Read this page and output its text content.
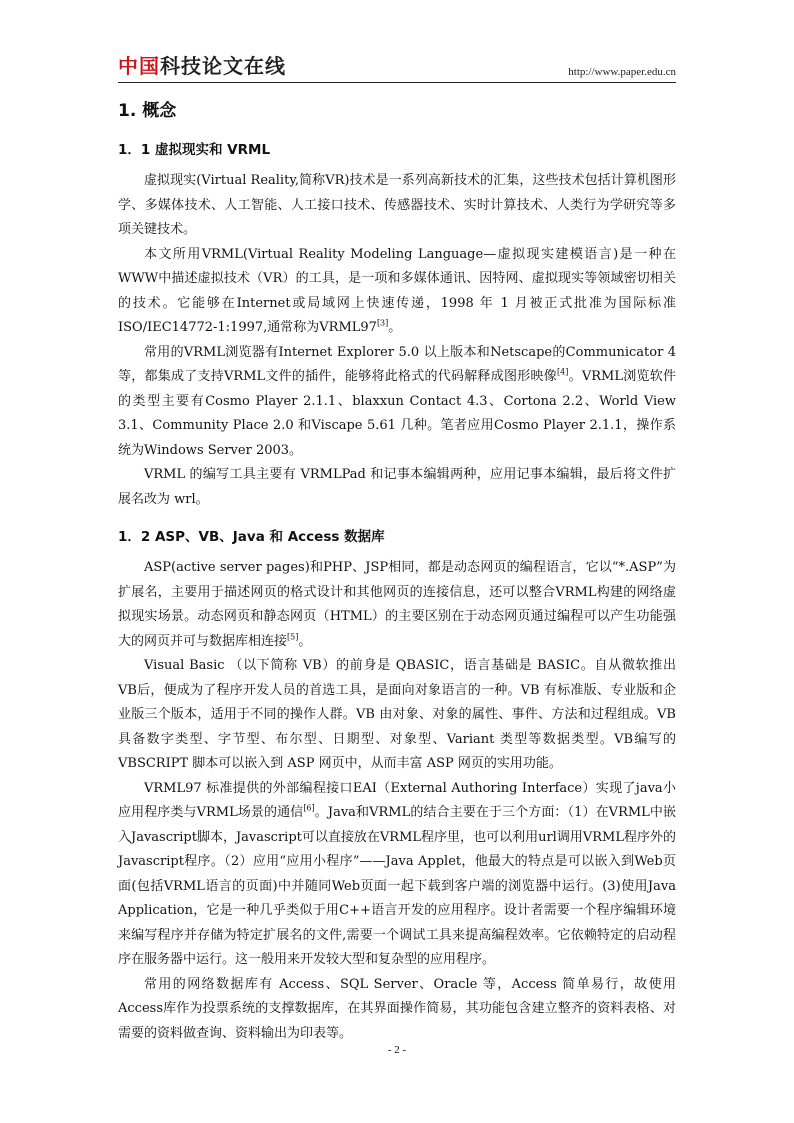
中国科技论文在线	http://www.paper.edu.cn
1. 概念
1．1 虚拟现实和 VRML

虚拟现实(Virtual Reality,简称VR)技术是一系列高新技术的汇集，这些技术包括计算机图形学、多媒体技术、人工智能、人工接口技术、传感器技术、实时计算技术、人类行为学研究等多项关键技术。

本文所用VRML(Virtual Reality Modeling Language—虚拟现实建模语言)是一种在WWW中描述虚拟技术（VR）的工具，是一项和多媒体通讯、因特网、虚拟现实等领域密切相关的技术。它能够在Internet或局域网上快速传递，1998 年 1 月被正式批准为国际标准ISO/IEC14772-1:1997,通常称为VRML97[3]。

常用的VRML浏览器有Internet Explorer 5.0 以上版本和Netscape的Communicator 4 等，都集成了支持VRML文件的插件，能够将此格式的代码解释成图形映像[4]。VRML浏览软件的类型主要有Cosmo Player 2.1.1、blaxxun Contact 4.3、Cortona 2.2、World View 3.1、Community Place 2.0 和Viscape 5.61 几种。笔者应用Cosmo Player 2.1.1，操作系统为Windows Server 2003。

VRML 的编写工具主要有 VRMLPad 和记事本编辑两种，应用记事本编辑，最后将文件扩展名改为 wrl。

1．2 ASP、VB、Java 和 Access 数据库

ASP(active server pages)和PHP、JSP相同，都是动态网页的编程语言，它以“*.ASP”为扩展名，主要用于描述网页的格式设计和其他网页的连接信息，还可以整合VRML构建的网络虚拟现实场景。动态网页和静态网页（HTML）的主要区别在于动态网页通过编程可以产生功能强大的网页并可与数据库相连接[5]。

Visual Basic （以下简称 VB）的前身是 QBASIC，语言基础是 BASIC。自从微软推出 VB后，便成为了程序开发人员的首选工具，是面向对象语言的一种。VB 有标准版、专业版和企业版三个版本，适用于不同的操作人群。VB 由对象、对象的属性、事件、方法和过程组成。VB 具备数字类型、字节型、布尔型、日期型、对象型、Variant 类型等数据类型。VB编写的 VBSCRIPT 脚本可以嵌入到 ASP 网页中，从而丰富 ASP 网页的实用功能。

VRML97 标准提供的外部编程接口EAI（External Authoring Interface）实现了java小应用程序类与VRML场景的通信[6]。Java和VRML的结合主要在于三个方面：（1）在VRML中嵌入Javascript脚本，Javascript可以直接放在VRML程序里，也可以利用url调用VRML程序外的Javascript程序。（2）应用“应用小程序”——Java Applet，他最大的特点是可以嵌入到Web页面(包括VRML语言的页面)中并随同Web页面一起下载到客户端的浏览器中运行。(3)使用Java Application，它是一种几乎类似于用C++语言开发的应用程序。设计者需要一个程序编辑环境来编写程序并存储为特定扩展名的文件,需要一个调试工具来提高编程效率。它依赖特定的启动程序在服务器中运行。这一般用来开发较大型和复杂型的应用程序。

常用的网络数据库有 Access、SQL Server、Oracle 等，Access 简单易行，故使用 Access库作为投票系统的支撑数据库，在其界面操作简易，其功能包含建立整齐的资料表格、对需要的资料做查询、资料输出为印表等。

- 2 -
